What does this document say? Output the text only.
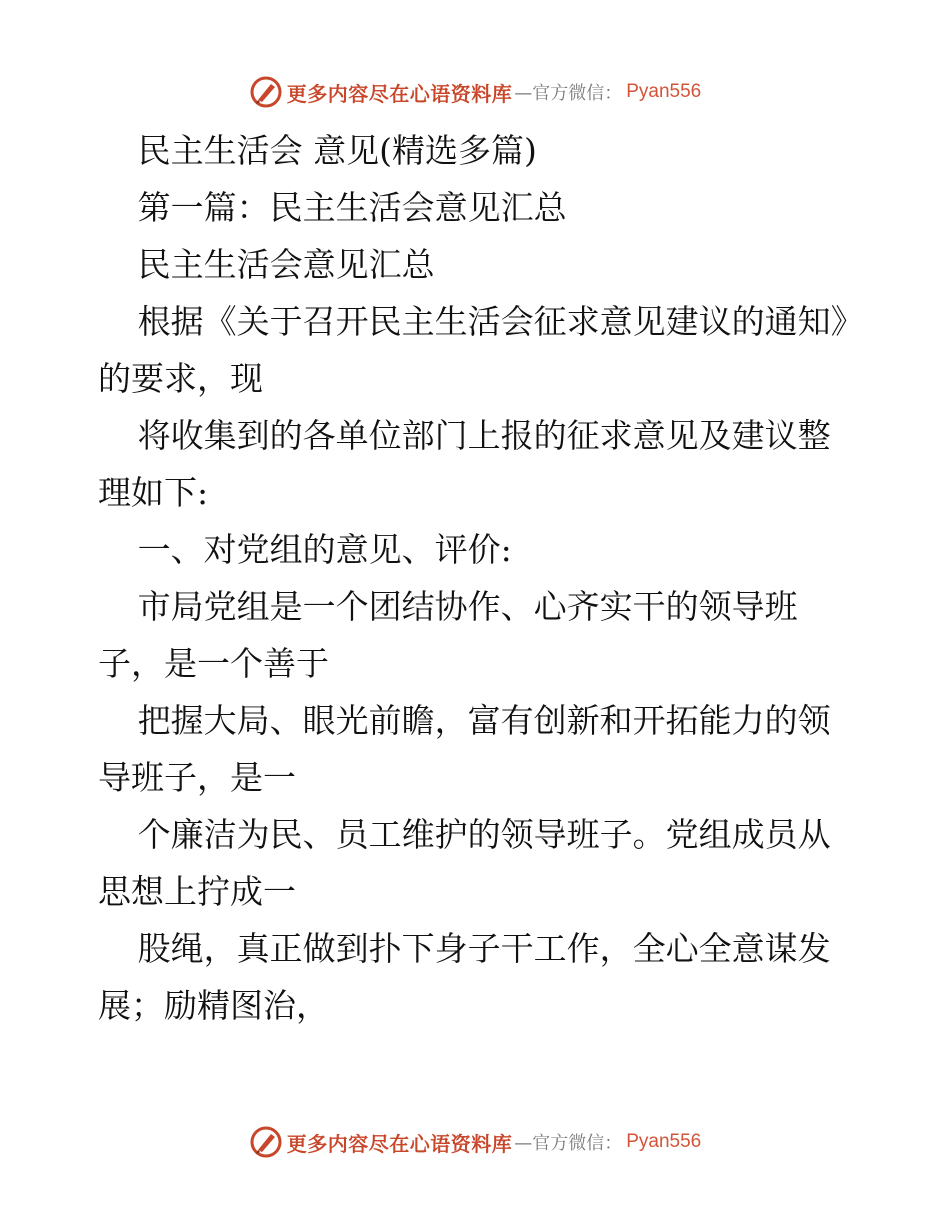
更多内容尽在心语资料库 —官方微信： Pyan556

民主生活会 意见(精选多篇)

第一篇：民主生活会意见汇总

民主生活会意见汇总

根据《关于召开民主生活会征求意见建议的通知》的要求，现

将收集到的各单位部门上报的征求意见及建议整理如下:

一、对党组的意见、评价:

市局党组是一个团结协作、心齐实干的领导班子，是一个善于

把握大局、眼光前瞻，富有创新和开拓能力的领导班子，是一

个廉洁为民、员工维护的领导班子。党组成员从思想上拧成一

股绳，真正做到扑下身子干工作，全心全意谋发展；励精图治，

更多内容尽在心语资料库 —官方微信： Pyan556
